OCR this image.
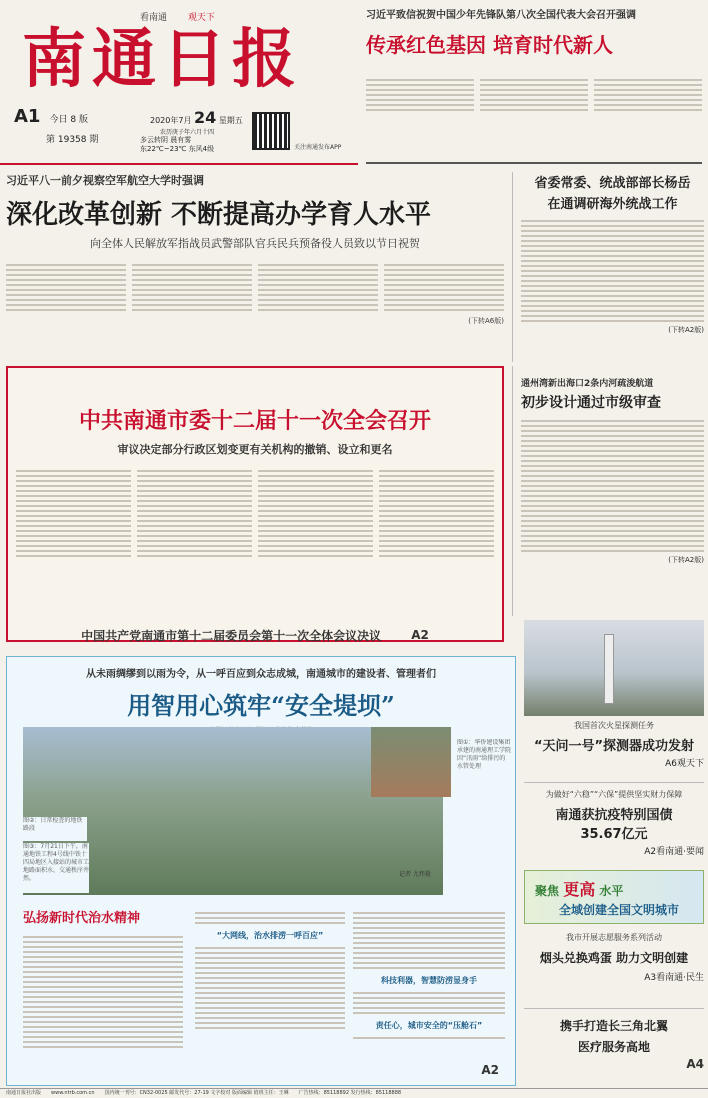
看南通 观天下
南通日报
A1 今日 8 版
第 19358 期
2020年7月 24 星期五
农历庚子年六月十四
多云转阴 晨有雾
东22℃~23℃ 东风4级	关注南通发布APP
习近平致信祝贺中国少年先锋队第八次全国代表大会召开强调
传承红色基因 培育时代新人
习近平八一前夕视察空军航空大学时强调
深化改革创新 不断提高办学育人水平
向全体人民解放军指战员武警部队官兵民兵预备役人员致以节日祝贺
(下转A6版)
省委常委、统战部部长杨岳
在通调研海外统战工作
(下转A2版)
中共南通市委十二届十一次全会召开
审议决定部分行政区划变更有关机构的撤销、设立和更名
中国共产党南通市第十二届委员会第十一次全体会议决议	A2
通州湾新出海口2条内河疏浚航道
初步设计通过市级审查
(下转A2版)
从未雨绸缪到以雨为令，从一呼百应到众志成城，南通城市的建设者、管理者们
用智用心筑牢“安全堤坝”
图①：华侨建设集团承建的南通理工学院因“汛雨”给排污的水管处理
图②：日常检查的地铁路段
图③：7月21日下午，南通地铁工程4号线中铁十四局地区入接站的城市工地路面积水，交通秩序井然。
记者 尤炜摄
弘扬新时代治水精神
“大网线，治水排涝一呼百应”
科技利器，智慧防涝显身手
责任心，城市安全的“压舱石”
A2
我国首次火星探测任务
“天问一号”探测器成功发射
A6观天下
为做好“六稳”“六保”提供坚实财力保障
南通获抗疫特别国债
35.67亿元
A2看南通·要闻
聚焦 更高 水平
全域创建全国文明城市
我市开展志愿服务系列活动
烟头兑换鸡蛋 助力文明创建
A3看南通·民生
携手打造长三角北翼
医疗服务高地
A4
南通日报社出版 www.ntrb.com.cn 国内统一刊号：CN32-0025 邮发代号：27-19 文字校对 版面编辑 值班主任：王琳 广告热线：85118892 发行热线：85118888
